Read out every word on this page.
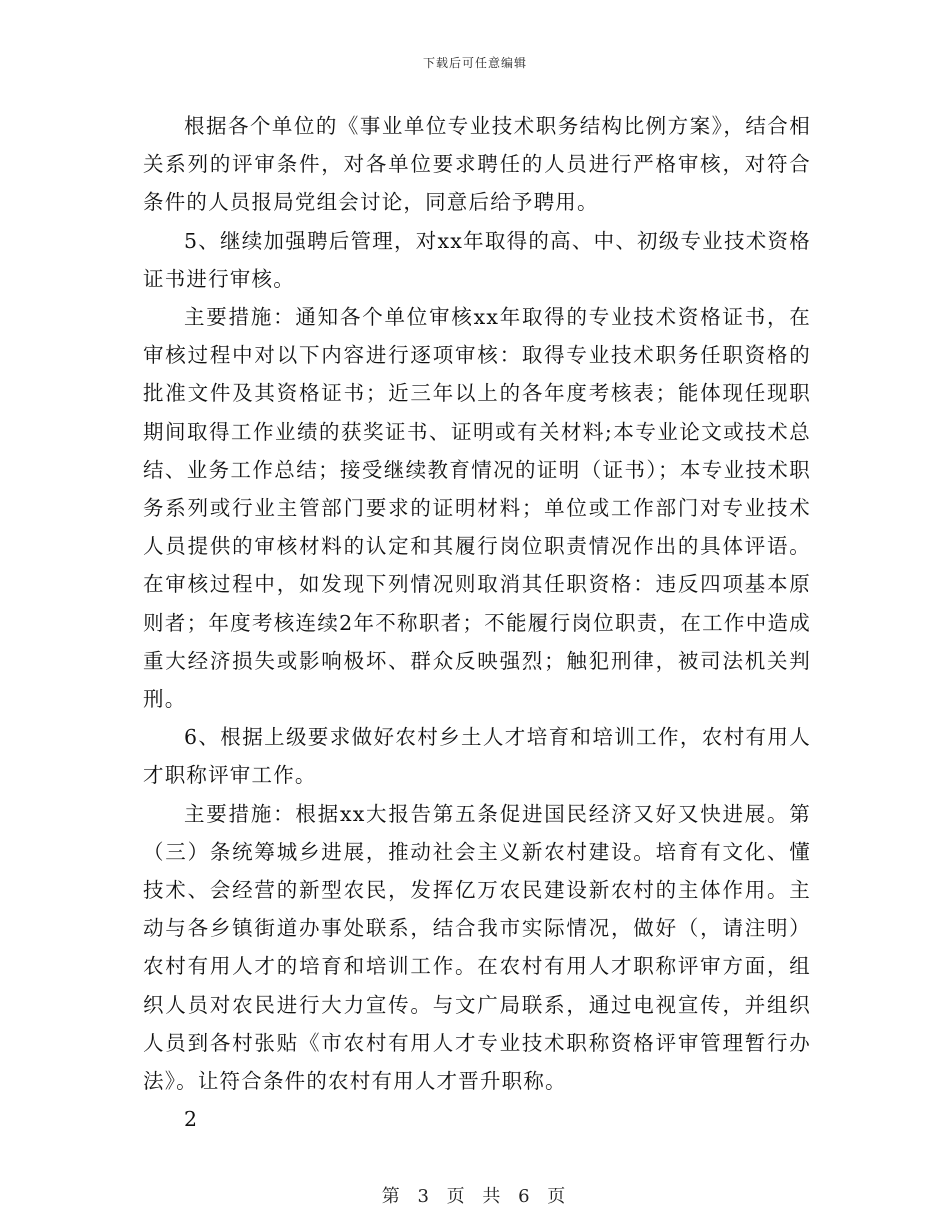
下载后可任意编辑

根据各个单位的《事业单位专业技术职务结构比例方案》，结合相关系列的评审条件，对各单位要求聘任的人员进行严格审核，对符合条件的人员报局党组会讨论，同意后给予聘用。

5、继续加强聘后管理，对xx年取得的高、中、初级专业技术资格证书进行审核。

主要措施：通知各个单位审核xx年取得的专业技术资格证书，在审核过程中对以下内容进行逐项审核：取得专业技术职务任职资格的批准文件及其资格证书；近三年以上的各年度考核表；能体现任现职期间取得工作业绩的获奖证书、证明或有关材料;本专业论文或技术总结、业务工作总结；接受继续教育情况的证明（证书）；本专业技术职务系列或行业主管部门要求的证明材料；单位或工作部门对专业技术人员提供的审核材料的认定和其履行岗位职责情况作出的具体评语。在审核过程中，如发现下列情况则取消其任职资格：违反四项基本原则者；年度考核连续2年不称职者；不能履行岗位职责，在工作中造成重大经济损失或影响极坏、群众反映强烈；触犯刑律，被司法机关判刑。

6、根据上级要求做好农村乡土人才培育和培训工作，农村有用人才职称评审工作。

主要措施：根据xx大报告第五条促进国民经济又好又快进展。第（三）条统筹城乡进展，推动社会主义新农村建设。培育有文化、懂技术、会经营的新型农民，发挥亿万农民建设新农村的主体作用。主动与各乡镇街道办事处联系，结合我市实际情况，做好（，请注明）农村有用人才的培育和培训工作。在农村有用人才职称评审方面，组织人员对农民进行大力宣传。与文广局联系，通过电视宣传，并组织人员到各村张贴《市农村有用人才专业技术职称资格评审管理暂行办法》。让符合条件的农村有用人才晋升职称。

2

第 3 页 共 6 页
